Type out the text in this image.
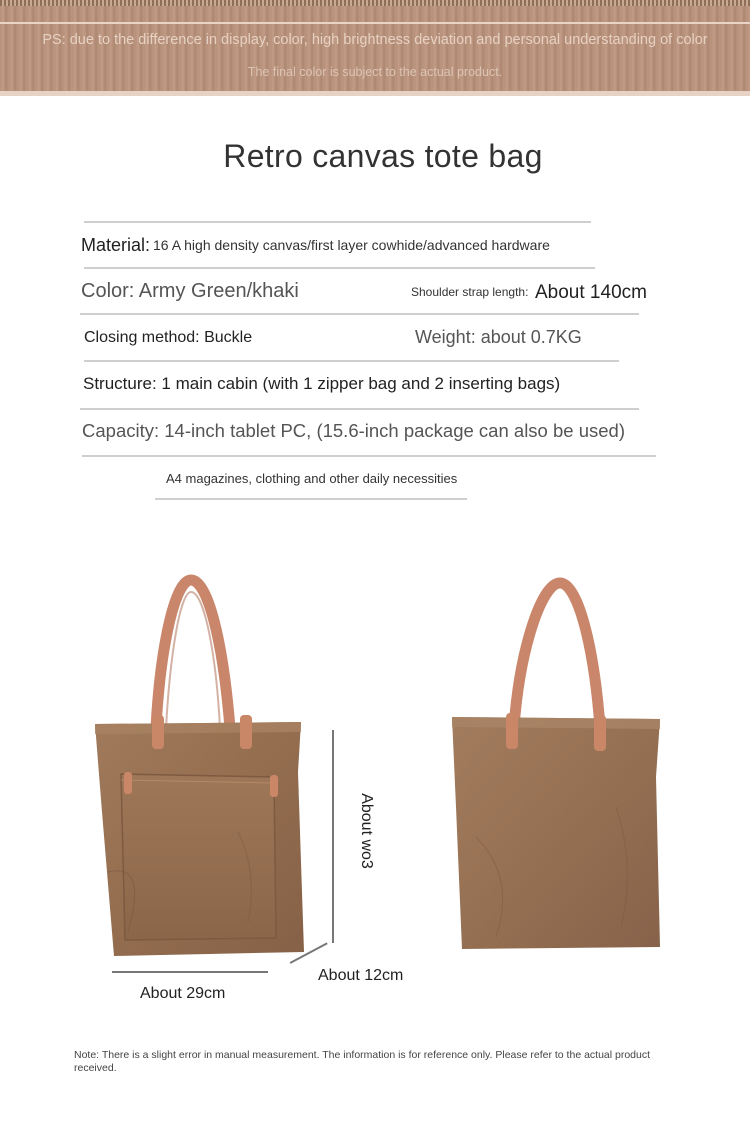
PS: due to the difference in display, color, high brightness deviation and personal understanding of color
The final color is subject to the actual product.
Retro canvas tote bag
Material: 16 A high density canvas/first layer cowhide/advanced hardware
Color: Army Green/khaki	Shoulder strap length: About 140cm
Closing method: Buckle	Weight: about 0.7KG
Structure: 1 main cabin (with 1 zipper bag and 2 inserting bags)
Capacity: 14-inch tablet PC, (15.6-inch package can also be used)
A4 magazines, clothing and other daily necessities
About wo3
About 29cm
About 12cm
Note: There is a slight error in manual measurement. The information is for reference only. Please refer to the actual product received.
